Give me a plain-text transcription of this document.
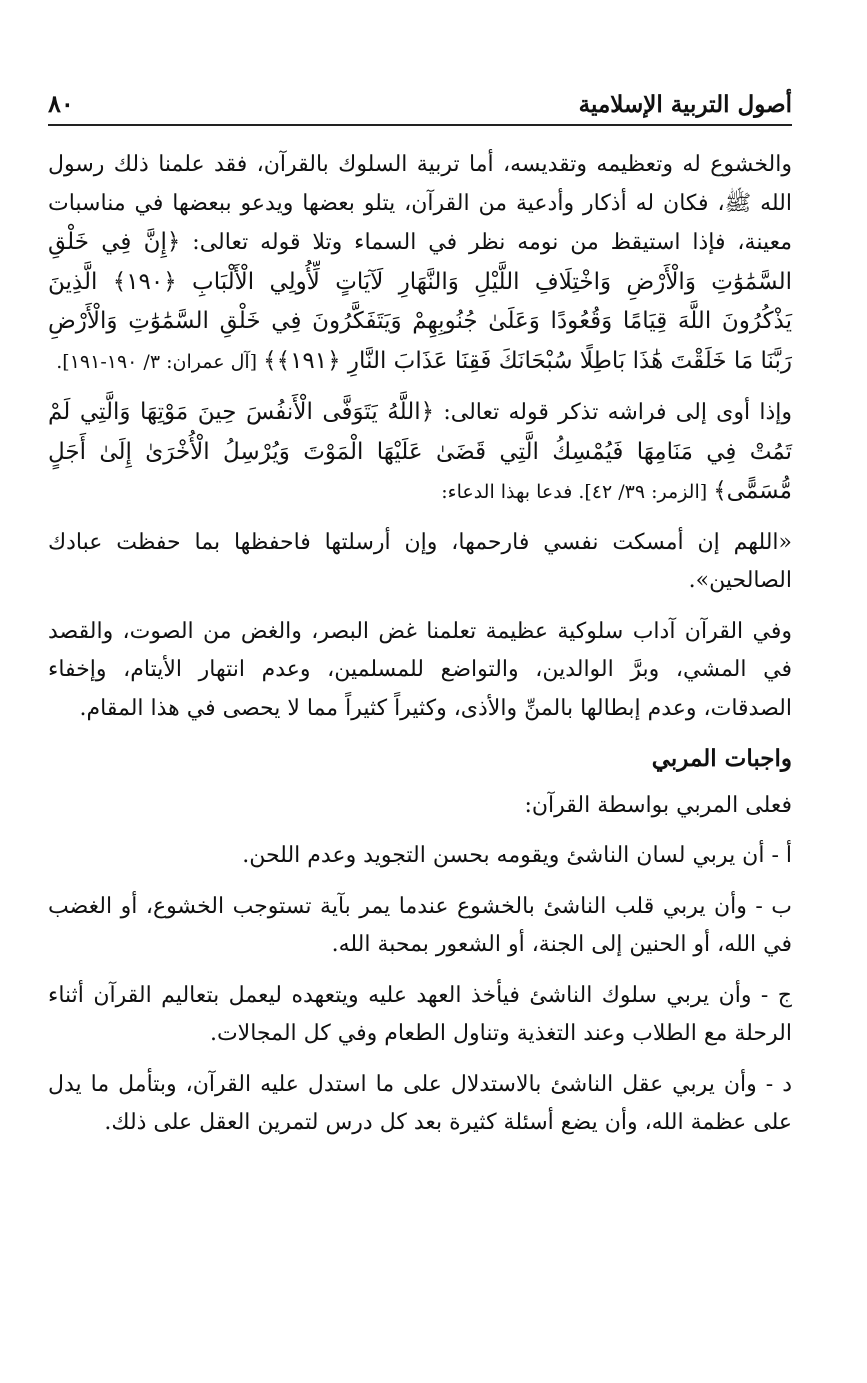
أصول التربية الإسلامية
٨٠

والخشوع له وتعظيمه وتقديسه، أما تربية السلوك بالقرآن، فقد علمنا ذلك رسول الله ﷺ، فكان له أذكار وأدعية من القرآن، يتلو بعضها ويدعو ببعضها في مناسبات معينة، فإذا استيقظ من نومه نظر في السماء وتلا قوله تعالى: ﴿إِنَّ فِي خَلْقِ السَّمَٰوَٰتِ وَالْأَرْضِ وَاخْتِلَافِ اللَّيْلِ وَالنَّهَارِ لَآيَاتٍ لِّأُولِي الْأَلْبَابِ ﴿١٩٠﴾ الَّذِينَ يَذْكُرُونَ اللَّهَ قِيَامًا وَقُعُودًا وَعَلَىٰ جُنُوبِهِمْ وَيَتَفَكَّرُونَ فِي خَلْقِ السَّمَٰوَٰتِ وَالْأَرْضِ رَبَّنَا مَا خَلَقْتَ هَٰذَا بَاطِلًا سُبْحَانَكَ فَقِنَا عَذَابَ النَّارِ ﴿١٩١﴾﴾ [آل عمران: ٣/ ١٩٠-١٩١].

وإذا أوى إلى فراشه تذكر قوله تعالى: ﴿اللَّهُ يَتَوَفَّى الْأَنفُسَ حِينَ مَوْتِهَا وَالَّتِي لَمْ تَمُتْ فِي مَنَامِهَا فَيُمْسِكُ الَّتِي قَضَىٰ عَلَيْهَا الْمَوْتَ وَيُرْسِلُ الْأُخْرَىٰ إِلَىٰ أَجَلٍ مُّسَمًّى﴾ [الزمر: ٣٩/ ٤٢]. فدعا بهذا الدعاء:

«اللهم إن أمسكت نفسي فارحمها، وإن أرسلتها فاحفظها بما حفظت عبادك الصالحين».

وفي القرآن آداب سلوكية عظيمة تعلمنا غض البصر، والغض من الصوت، والقصد في المشي، وبرَّ الوالدين، والتواضع للمسلمين، وعدم انتهار الأيتام، وإخفاء الصدقات، وعدم إبطالها بالمنِّ والأذى، وكثيراً كثيراً مما لا يحصى في هذا المقام.

واجبات المربي

فعلى المربي بواسطة القرآن:

أ - أن يربي لسان الناشئ ويقومه بحسن التجويد وعدم اللحن.

ب - وأن يربي قلب الناشئ بالخشوع عندما يمر بآية تستوجب الخشوع، أو الغضب في الله، أو الحنين إلى الجنة، أو الشعور بمحبة الله.

ج - وأن يربي سلوك الناشئ فيأخذ العهد عليه ويتعهده ليعمل بتعاليم القرآن أثناء الرحلة مع الطلاب وعند التغذية وتناول الطعام وفي كل المجالات.

د - وأن يربي عقل الناشئ بالاستدلال على ما استدل عليه القرآن، وبتأمل ما يدل على عظمة الله، وأن يضع أسئلة كثيرة بعد كل درس لتمرين العقل على ذلك.
